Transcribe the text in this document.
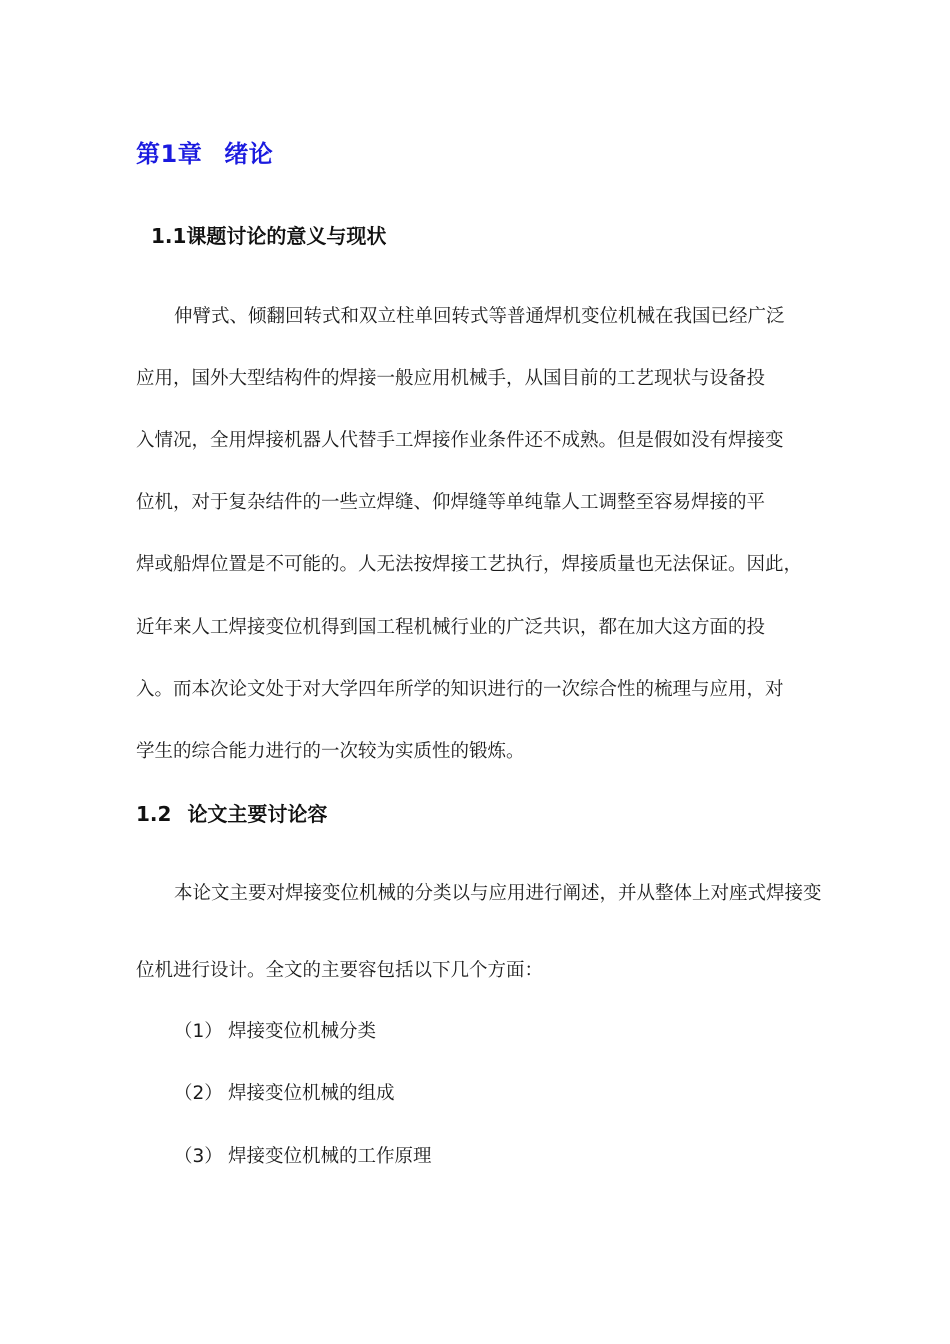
第1章 绪论
1.1课题讨论的意义与现状
伸臂式、倾翻回转式和双立柱单回转式等普通焊机变位机械在我国已经广泛
应用，国外大型结构件的焊接一般应用机械手，从国目前的工艺现状与设备投
入情况，全用焊接机器人代替手工焊接作业条件还不成熟。但是假如没有焊接变
位机，对于复杂结件的一些立焊缝、仰焊缝等单纯靠人工调整至容易焊接的平
焊或船焊位置是不可能的。人无法按焊接工艺执行，焊接质量也无法保证。因此，
近年来人工焊接变位机得到国工程机械行业的广泛共识，都在加大这方面的投
入。而本次论文处于对大学四年所学的知识进行的一次综合性的梳理与应用，对
学生的综合能力进行的一次较为实质性的锻炼。
1.2 论文主要讨论容
本论文主要对焊接变位机械的分类以与应用进行阐述，并从整体上对座式焊接变
位机进行设计。全文的主要容包括以下几个方面：
（1） 焊接变位机械分类
（2） 焊接变位机械的组成
（3） 焊接变位机械的工作原理
